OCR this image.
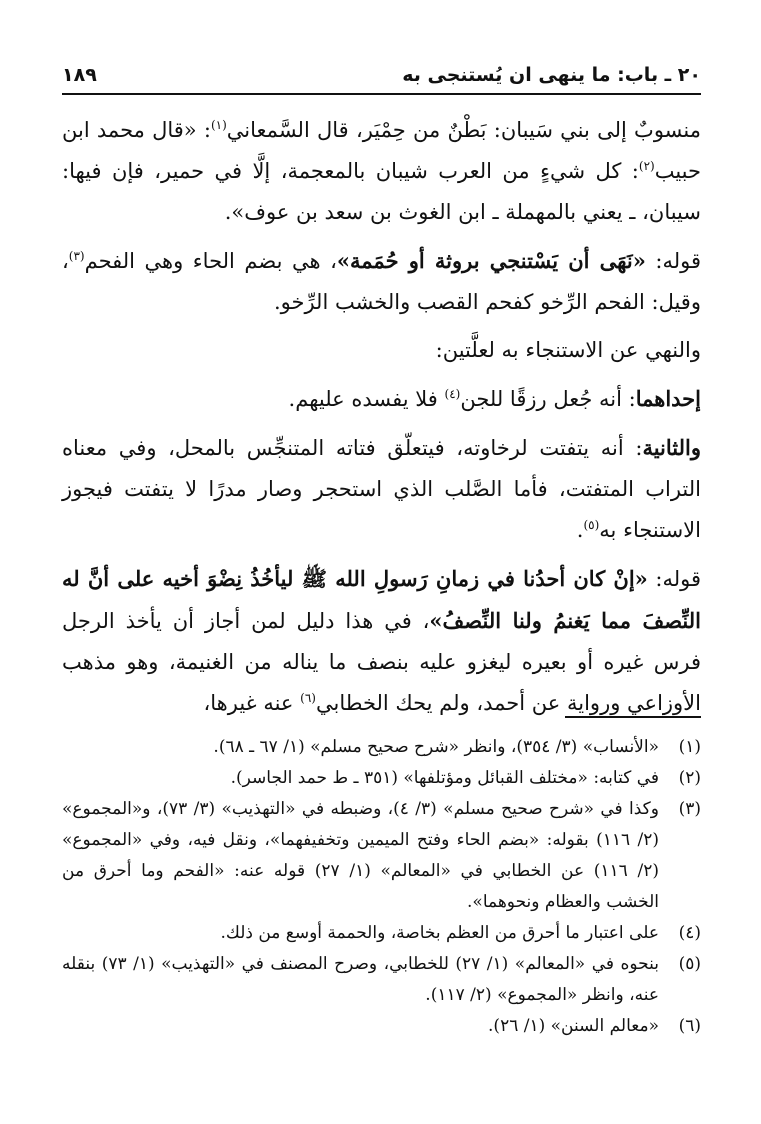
٢٠ ـ باب: ما ينهى ان يُستنجى به
١٨٩

منسوبٌ إلى بني سَيبان: بَطْنٌ من حِمْيَر، قال السَّمعاني$^{(١)}$: «قال محمد ابن حبيب$^{(٢)}$: كل شيءٍ من العرب شيبان بالمعجمة، إلَّا في حمير، فإن فيها: سيبان، ـ يعني بالمهملة ـ ابن الغوث بن سعد بن عوف».

قوله: «نَهَى أن يَسْتنجي بروثة أو حُمَمة»، هي بضم الحاء وهي الفحم$^{(٣)}$، وقيل: الفحم الرِّخو كفحم القصب والخشب الرِّخو.

والنهي عن الاستنجاء به لعلَّتين:

إحداهما: أنه جُعل رزقًا للجن$^{(٤)}$ فلا يفسده عليهم.

والثانية: أنه يتفتت لرخاوته، فيتعلّق فتاته المتنجِّس بالمحل، وفي معناه التراب المتفتت، فأما الصَّلب الذي استحجر وصار مدرًا لا يتفتت فيجوز الاستنجاء به$^{(٥)}$.

قوله: «إنْ كان أحدُنا في زمانِ رَسولِ الله ﷺ ليأخُذُ نِضْوَ أخيه على أنَّ له النِّصفَ مما يَغنمُ ولنا النِّصفُ»، في هذا دليل لمن أجاز أن يأخذ الرجل فرس غيره أو بعيره ليغزو عليه بنصف ما يناله من الغنيمة، وهو مذهب الأوزاعي ورواية عن أحمد، ولم يحك الخطابي$^{(٦)}$ عنه غيرها،

(١)
«الأنساب» (٣/ ٣٥٤)، وانظر «شرح صحيح مسلم» (١/ ٦٧ ـ ٦٨).
(٢)
في كتابه: «مختلف القبائل ومؤتلفها» (٣٥١ ـ ط حمد الجاسر).
(٣)
وكذا في «شرح صحيح مسلم» (٣/ ٤)، وضبطه في «التهذيب» (٣/ ٧٣)، و«المجموع» (٢/ ١١٦) بقوله: «بضم الحاء وفتح الميمين وتخفيفهما»، ونقل فيه، وفي «المجموع» (٢/ ١١٦) عن الخطابي في «المعالم» (١/ ٢٧) قوله عنه: «الفحم وما أحرق من الخشب والعظام ونحوهما».
(٤)
على اعتبار ما أحرق من العظم بخاصة، والحممة أوسع من ذلك.
(٥)
بنحوه في «المعالم» (١/ ٢٧) للخطابي، وصرح المصنف في «التهذيب» (١/ ٧٣) بنقله عنه، وانظر «المجموع» (٢/ ١١٧).
(٦)
«معالم السنن» (١/ ٢٦).
